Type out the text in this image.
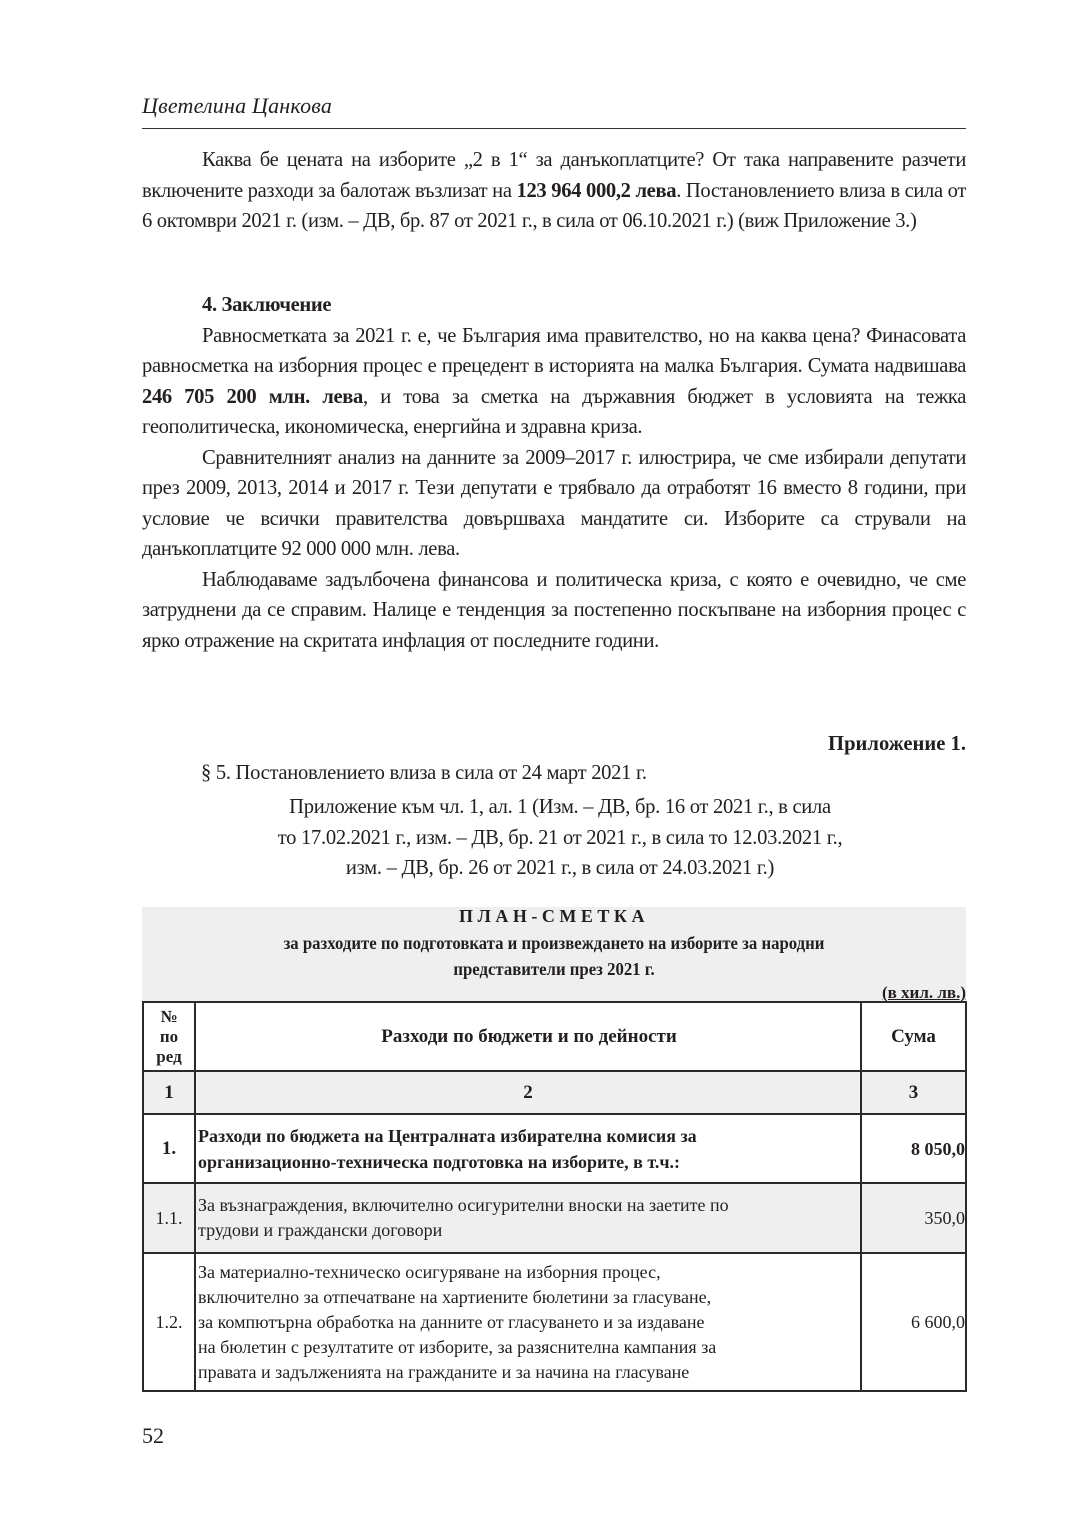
Цветелина Цанкова

Каква бе цената на изборите „2 в 1“ за данъкоплатците? От така направените разчети включените разходи за балотаж възлизат на 123 964 000,2 лева. Постановлението влиза в сила от 6 октомври 2021 г. (изм. – ДВ, бр. 87 от 2021 г., в сила от 06.10.2021 г.) (виж Приложение 3.)

4. Заключение

Равносметката за 2021 г. е, че България има правителство, но на каква цена? Финасовата равносметка на изборния процес е прецедент в историята на малка България. Сумата надвишава 246 705 200 млн. лева, и това за сметка на държавния бюджет в условията на тежка геополитическа, икономическа, енергийна и здравна криза.

Сравнителният анализ на данните за 2009–2017 г. илюстрира, че сме избирали депутати през 2009, 2013, 2014 и 2017 г. Тези депутати е трябвало да отработят 16 вместо 8 години, при условие че всички правителства довършваха мандатите си. Изборите са стрували на данъкоплатците 92 000 000 млн. лева.

Наблюдаваме задълбочена финансова и политическа криза, с която е очевидно, че сме затруднени да се справим. Налице е тенденция за постепенно поскъпване на изборния процес с ярко отражение на скритата инфлация от последните години.

Приложение 1.
§ 5. Постановлението влиза в сила от 24 март 2021 г.
Приложение към чл. 1, ал. 1 (Изм. – ДВ, бр. 16 от 2021 г., в сила
то 17.02.2021 г., изм. – ДВ, бр. 21 от 2021 г., в сила то 12.03.2021 г.,
изм. – ДВ, бр. 26 от 2021 г., в сила от 24.03.2021 г.)
ПЛАН-СМЕТКА
за разходите по подготовката и произвеждането на изборите за народни
представители през 2021 г.
(в хил. лв.)
№
по
ред	Разходи по бюджети и по дейности	Сума
1	2	3
1.	Разходи по бюджета на Централната избирателна комисия за
организационно-техническа подготовка на изборите, в т.ч.:	8 050,0
1.1.	За възнаграждения, включително осигурителни вноски на заетите по
трудови и граждански договори	350,0
1.2.	За материално-техническо осигуряване на изборния процес,
включително за отпечатване на хартиените бюлетини за гласуване,
за компютърна обработка на данните от гласуването и за издаване
на бюлетин с резултатите от изборите, за разяснителна кампания за
правата и задълженията на гражданите и за начина на гласуване	6 600,0
52
